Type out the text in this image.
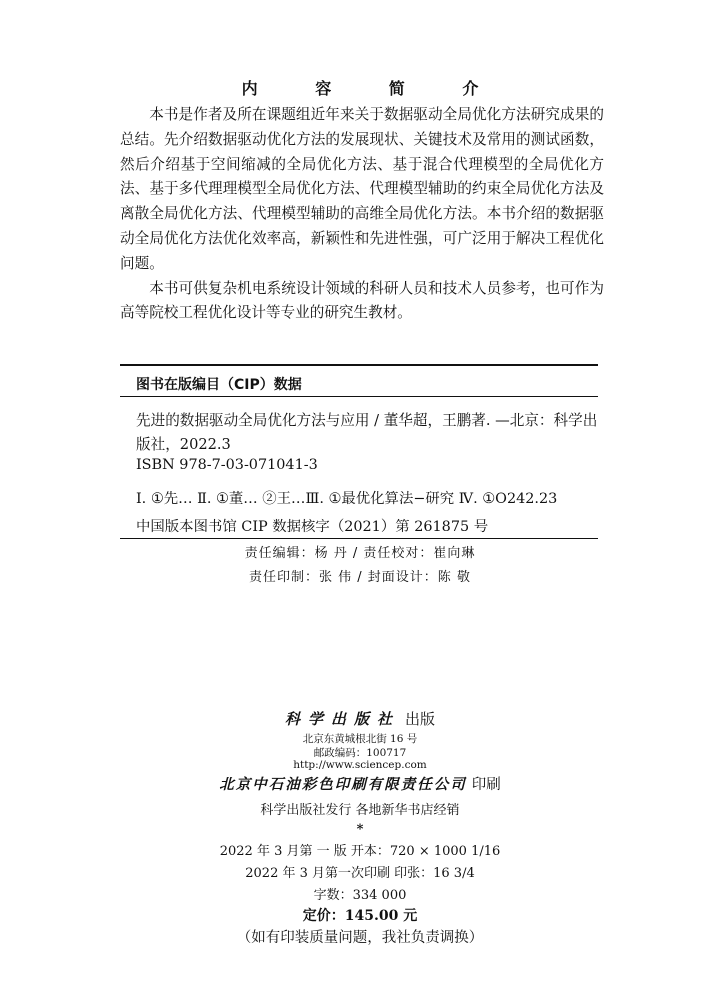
内 容 简 介

本书是作者及所在课题组近年来关于数据驱动全局优化方法研究成果的总结。先介绍数据驱动优化方法的发展现状、关键技术及常用的测试函数，然后介绍基于空间缩减的全局优化方法、基于混合代理模型的全局优化方法、基于多代理理模型全局优化方法、代理模型辅助的约束全局优化方法及离散全局优化方法、代理模型辅助的高维全局优化方法。本书介绍的数据驱动全局优化方法优化效率高，新颖性和先进性强，可广泛用于解决工程优化问题。

本书可供复杂机电系统设计领域的科研人员和技术人员参考，也可作为高等院校工程优化设计等专业的研究生教材。

图书在版编目（CIP）数据
先进的数据驱动全局优化方法与应用 / 董华超，王鹏著. —北京：科学出版社，2022.3
ISBN 978-7-03-071041-3
Ⅰ. ①先… Ⅱ. ①董… ②王…Ⅲ. ①最优化算法−研究 Ⅳ. ①O242.23
中国版本图书馆 CIP 数据核字（2021）第 261875 号
责任编辑：杨 丹 / 责任校对：崔向琳
责任印制：张 伟 / 封面设计：陈 敬
科学出版社 出版
北京东黄城根北街 16 号
邮政编码：100717
http://www.sciencep.com
北京中石油彩色印刷有限责任公司 印刷
科学出版社发行 各地新华书店经销
*
2022 年 3 月第 一 版 开本：720 × 1000 1/16
2022 年 3 月第一次印刷 印张：16 3/4
字数：334 000
定价：145.00 元
（如有印装质量问题，我社负责调换）
